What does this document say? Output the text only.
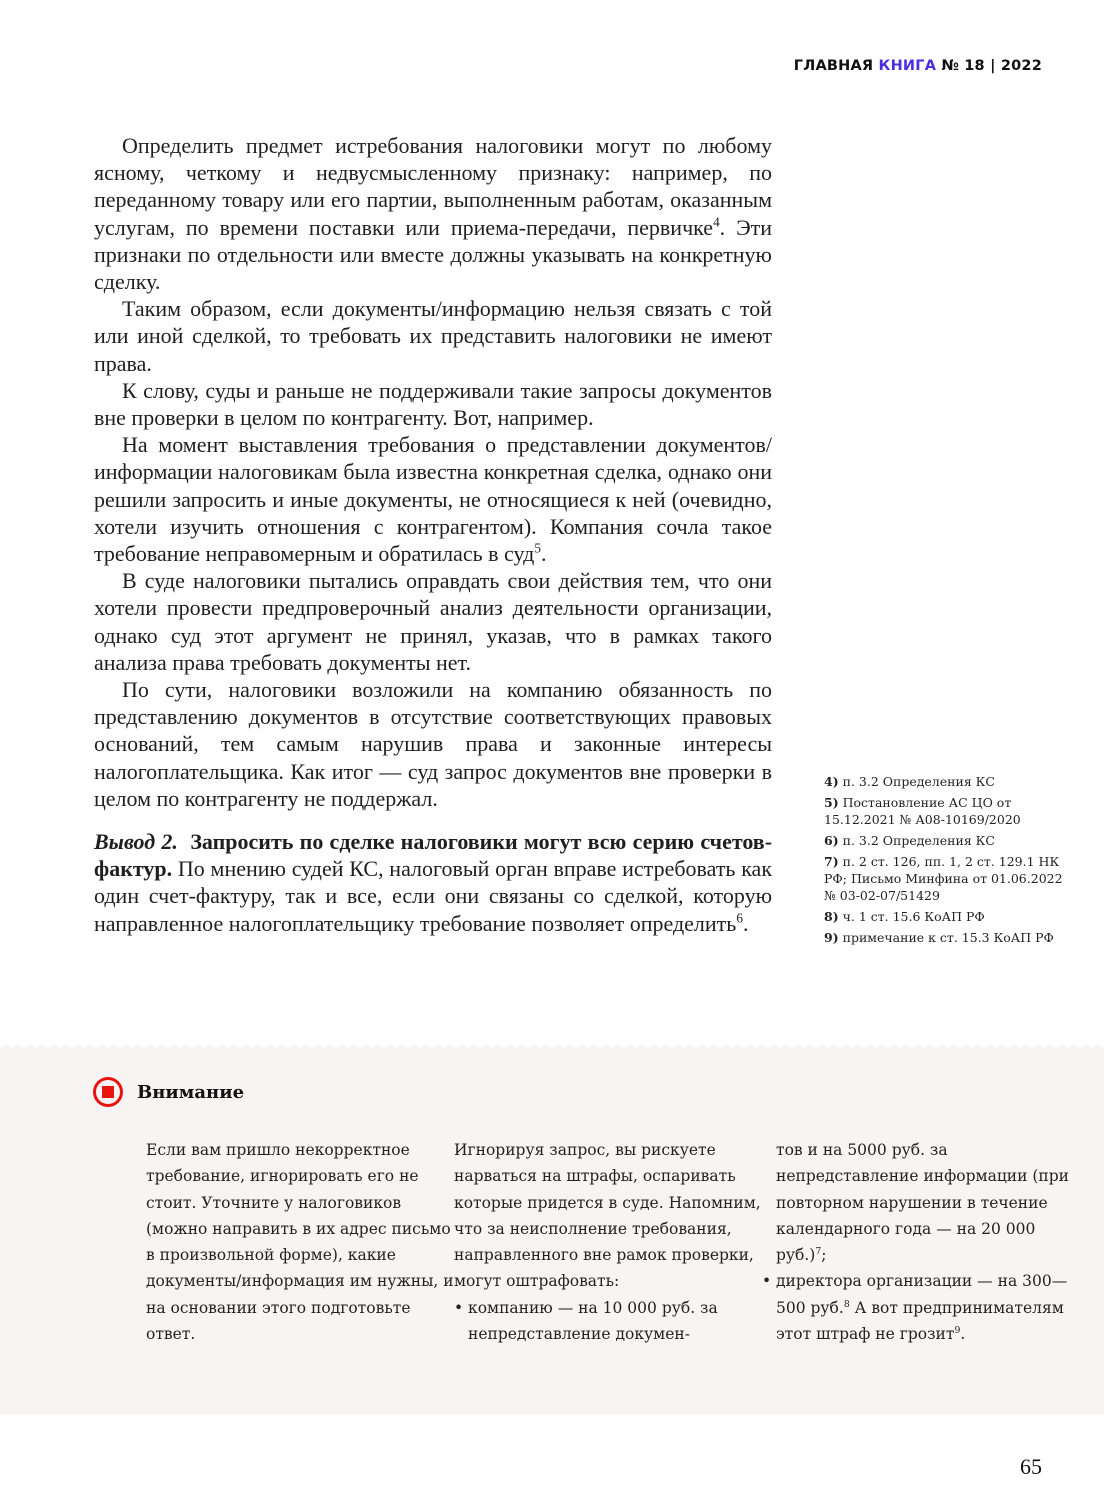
ГЛАВНАЯ КНИГА № 18 | 2022

Определить предмет истребования налоговики могут по любому ясному, четкому и недвусмысленному признаку: например, по переданному товару или его партии, выполненным работам, оказанным услугам, по времени поставки или приема-передачи, первичке$^4$. Эти признаки по отдельности или вместе должны указывать на конкретную сделку.

Таким образом, если документы/информацию нельзя связать с той или иной сделкой, то требовать их представить налоговики не имеют права.

К слову, суды и раньше не поддерживали такие запросы документов вне проверки в целом по контрагенту. Вот, например.

На момент выставления требования о представлении документов/информации налоговикам была известна конкретная сделка, однако они решили запросить и иные документы, не относящиеся к ней (очевидно, хотели изучить отношения с контрагентом). Компания сочла такое требование неправомерным и обратилась в суд$^5$.

В суде налоговики пытались оправдать свои действия тем, что они хотели провести предпроверочный анализ деятельности организации, однако суд этот аргумент не принял, указав, что в рамках такого анализа права требовать документы нет.

По сути, налоговики возложили на компанию обязанность по представлению документов в отсутствие соответствующих правовых оснований, тем самым нарушив права и законные интересы налогоплательщика. Как итог — суд запрос документов вне проверки в целом по контрагенту не поддержал.

Вывод 2. Запросить по сделке налоговики могут всю серию счетов-фактур. По мнению судей КС, налоговый орган вправе истребовать как один счет-фактуру, так и все, если они связаны со сделкой, которую направленное налогоплательщику требование позволяет определить$^6$.

4) п. 3.2 Определения КС
5) Постановление АС ЦО от 15.12.2021 № А08-10169/2020
6) п. 3.2 Определения КС
7) п. 2 ст. 126, пп. 1, 2 ст. 129.1 НК РФ; Письмо Минфина от 01.06.2022 № 03-02-07/51429
8) ч. 1 ст. 15.6 КоАП РФ
9) примечание к ст. 15.3 КоАП РФ
Внимание

Если вам пришло некорректное требование, игнорировать его не стоит. Уточните у налоговиков (можно направить в их адрес письмо в произвольной форме), какие документы/информация им нужны, и на основании этого подготовьте ответ.

Игнорируя запрос, вы рискуете нарваться на штрафы, оспаривать которые придется в суде. Напомним, что за неисполнение требования, направленного вне рамок проверки, могут оштрафовать:

• компанию — на 10 000 руб. за непредставление докумен-
тов и на 5000 руб. за непредставление информации (при повторном нарушении в течение календарного года — на 20 000 руб.)$^7$;
• директора организации — на 300—500 руб.$^8$ А вот предпринимателям этот штраф не грозит$^9$.
65
